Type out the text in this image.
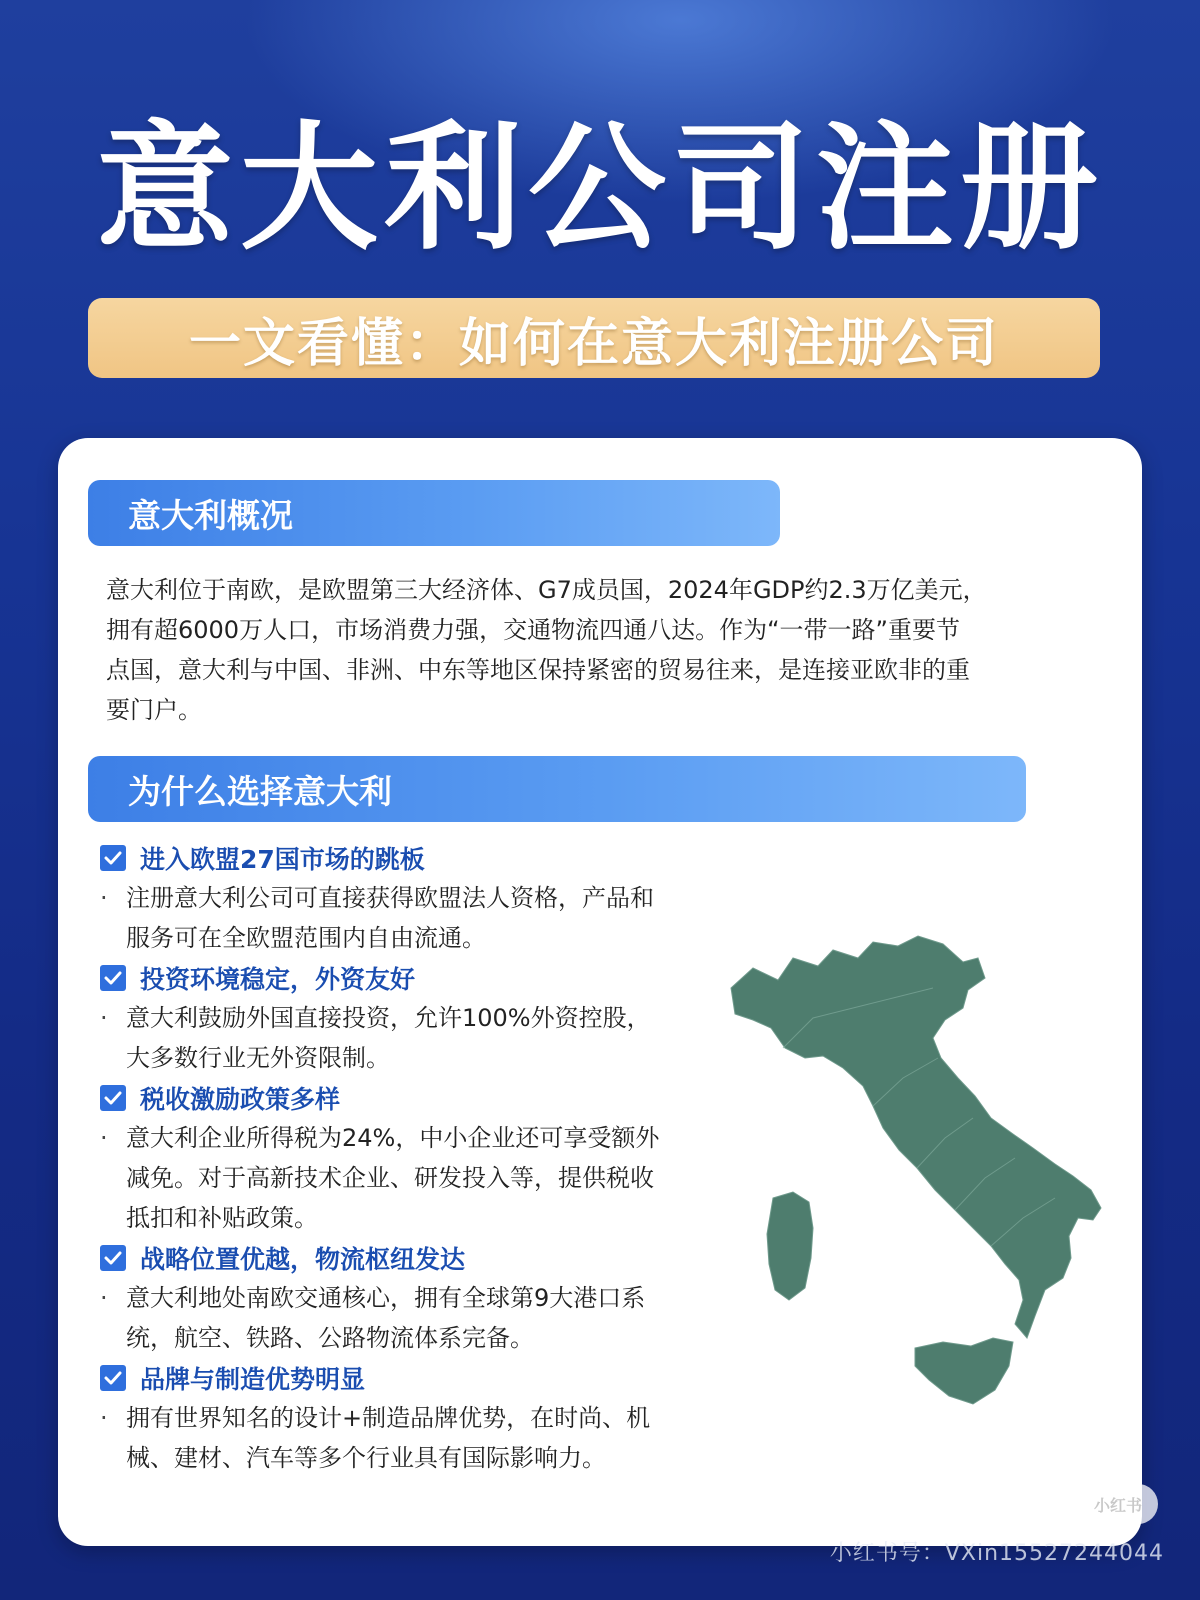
意大利公司注册
一文看懂：如何在意大利注册公司
意大利概况

意大利位于南欧，是欧盟第三大经济体、G7成员国，2024年GDP约2.3万亿美元，

拥有超6000万人口，市场消费力强，交通物流四通八达。作为“一带一路”重要节

点国，意大利与中国、非洲、中东等地区保持紧密的贸易往来，是连接亚欧非的重

要门户。

为什么选择意大利
进入欧盟27国市场的跳板

· 注册意大利公司可直接获得欧盟法人资格，产品和

服务可在全欧盟范围内自由流通。

投资环境稳定，外资友好

· 意大利鼓励外国直接投资，允许100%外资控股，

大多数行业无外资限制。

税收激励政策多样

· 意大利企业所得税为24%，中小企业还可享受额外

减免。对于高新技术企业、研发投入等，提供税收

抵扣和补贴政策。

战略位置优越，物流枢纽发达

· 意大利地处南欧交通核心，拥有全球第9大港口系

统，航空、铁路、公路物流体系完备。

品牌与制造优势明显

· 拥有世界知名的设计+制造品牌优势，在时尚、机

械、建材、汽车等多个行业具有国际影响力。

小红书
小红书号：VXin15527244044
